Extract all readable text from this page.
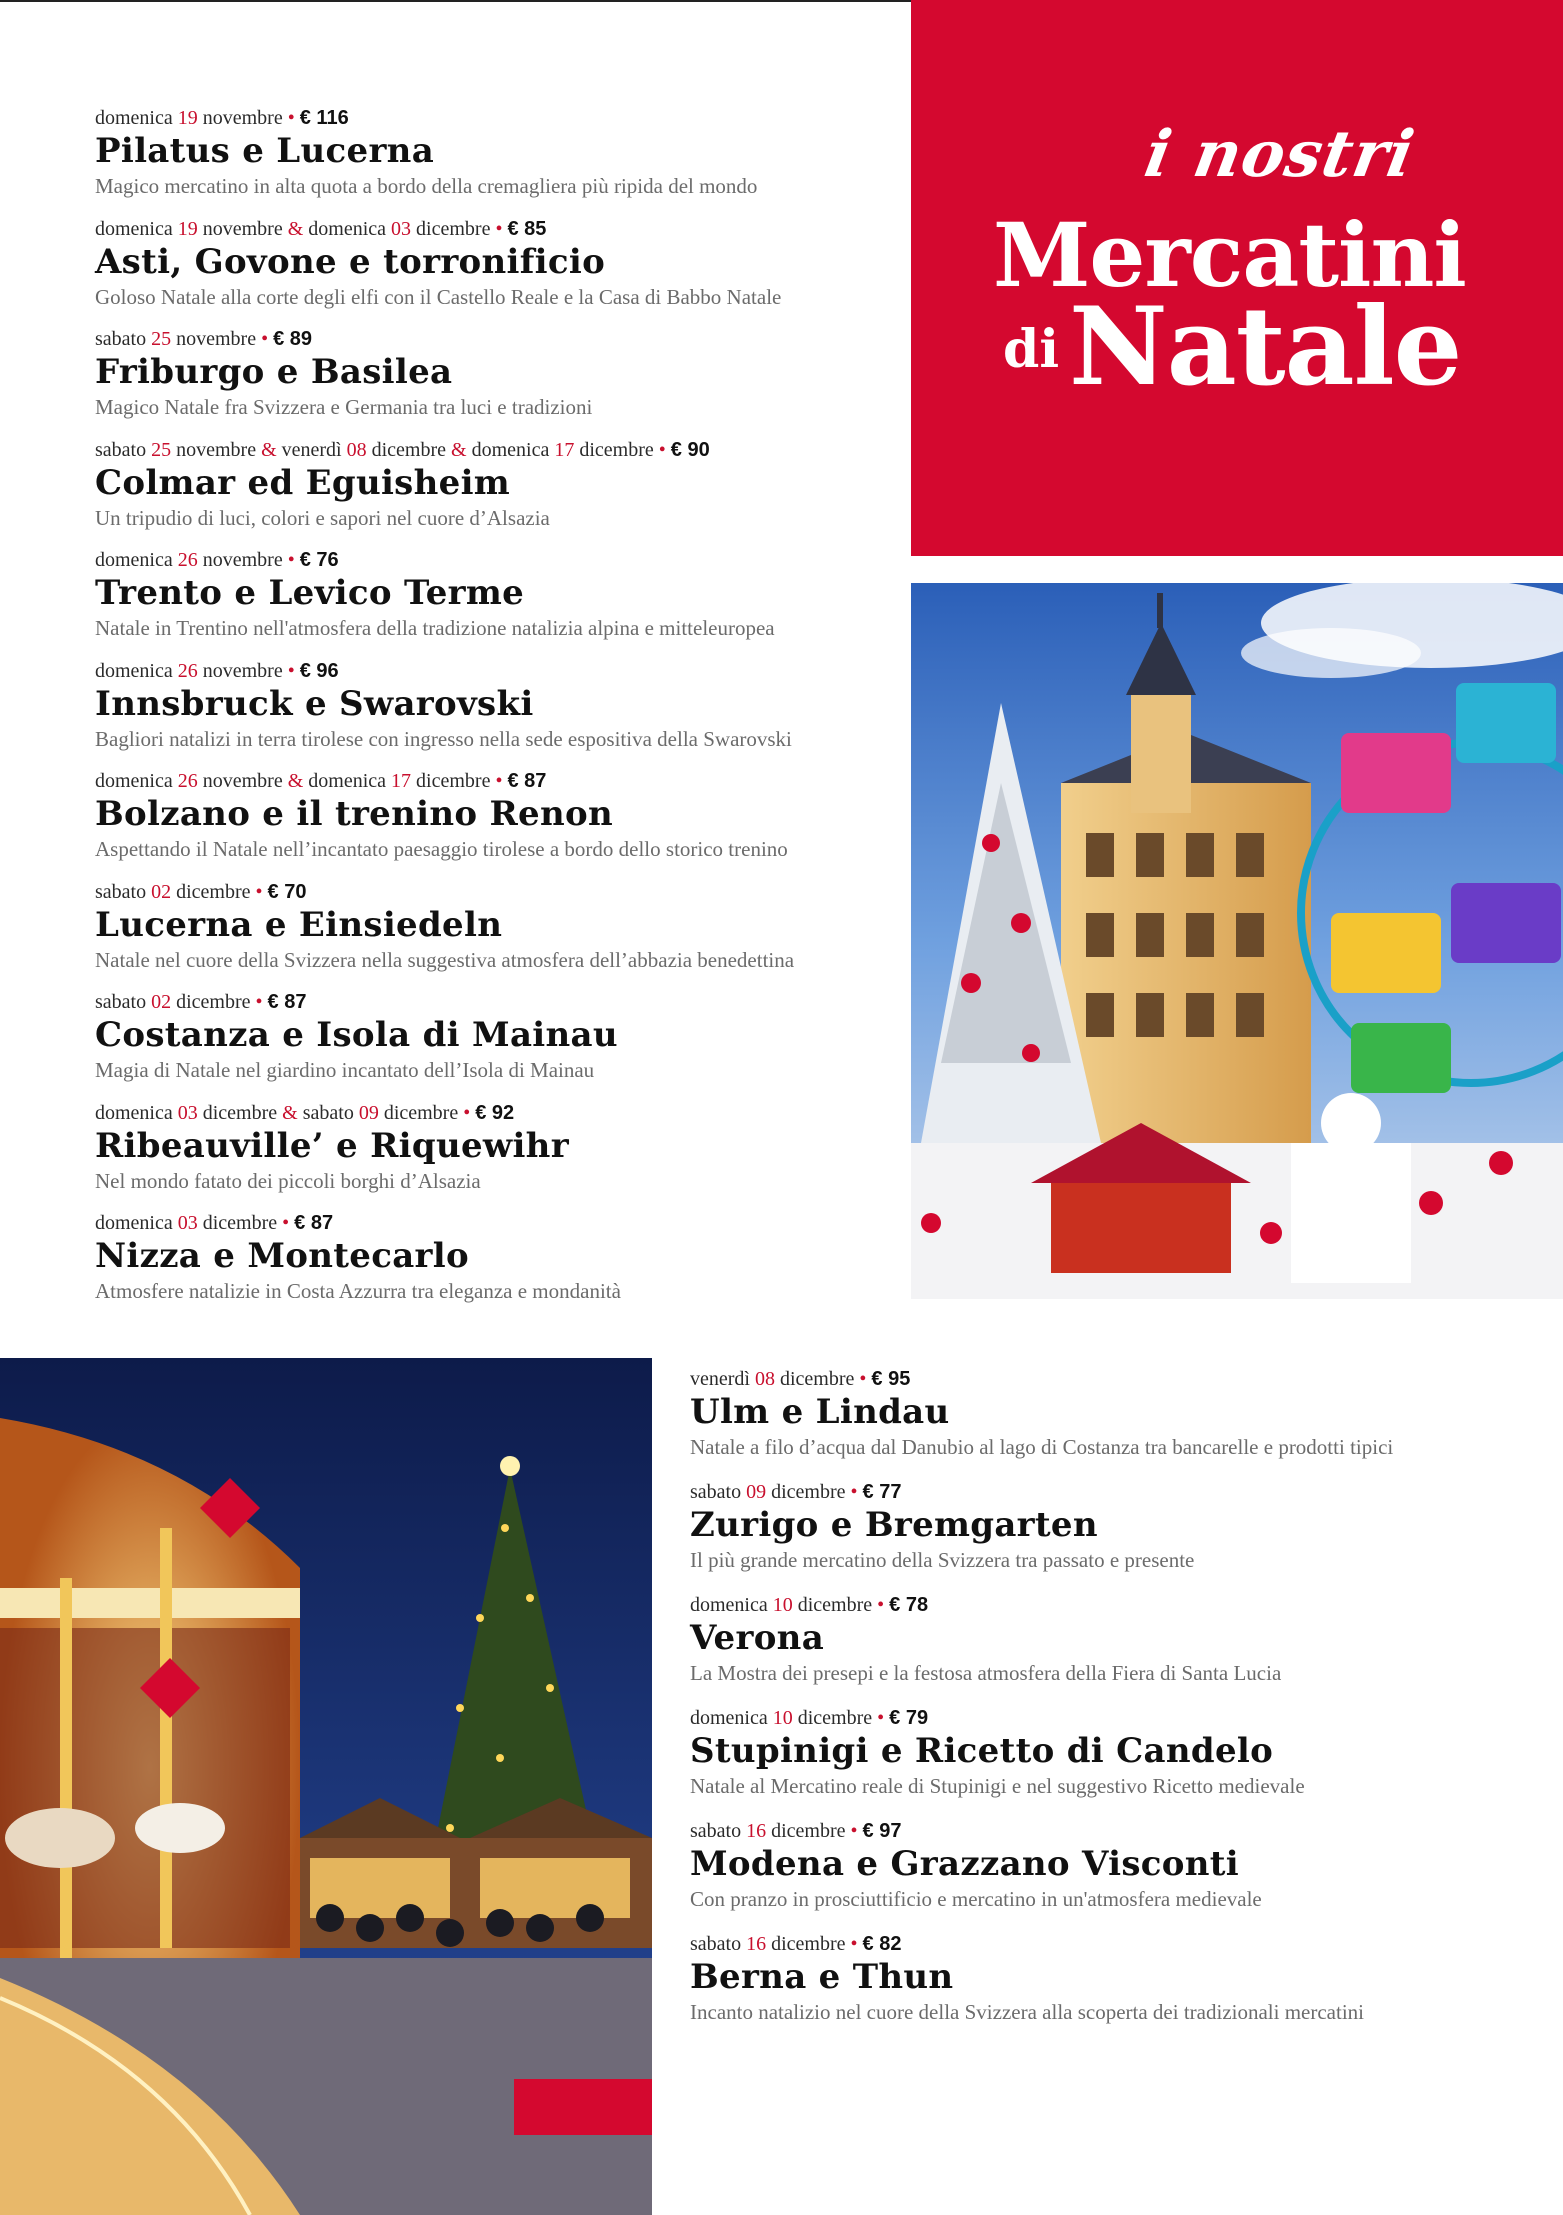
domenica 19 novembre • € 116
Pilatus e Lucerna
Magico mercatino in alta quota a bordo della cremagliera più ripida del mondo
domenica 19 novembre & domenica 03 dicembre • € 85
Asti, Govone e torronificio
Goloso Natale alla corte degli elfi con il Castello Reale e la Casa di Babbo Natale
sabato 25 novembre • € 89
Friburgo e Basilea
Magico Natale fra Svizzera e Germania tra luci e tradizioni
sabato 25 novembre & venerdì 08 dicembre & domenica 17 dicembre • € 90
Colmar ed Eguisheim
Un tripudio di luci, colori e sapori nel cuore d’Alsazia
domenica 26 novembre • € 76
Trento e Levico Terme
Natale in Trentino nell'atmosfera della tradizione natalizia alpina e mitteleuropea
domenica 26 novembre • € 96
Innsbruck e Swarovski
Bagliori natalizi in terra tirolese con ingresso nella sede espositiva della Swarovski
domenica 26 novembre & domenica 17 dicembre • € 87
Bolzano e il trenino Renon
Aspettando il Natale nell’incantato paesaggio tirolese a bordo dello storico trenino
sabato 02 dicembre • € 70
Lucerna e Einsiedeln
Natale nel cuore della Svizzera nella suggestiva atmosfera dell’abbazia benedettina
sabato 02 dicembre • € 87
Costanza e Isola di Mainau
Magia di Natale nel giardino incantato dell’Isola di Mainau
domenica 03 dicembre & sabato 09 dicembre • € 92
Ribeauville’ e Riquewihr
Nel mondo fatato dei piccoli borghi d’Alsazia
domenica 03 dicembre • € 87
Nizza e Montecarlo
Atmosfere natalizie in Costa Azzurra tra eleganza e mondanità
i nostri
Mercatini
di Natale
venerdì 08 dicembre • € 95
Ulm e Lindau
Natale a filo d’acqua dal Danubio al lago di Costanza tra bancarelle e prodotti tipici
sabato 09 dicembre • € 77
Zurigo e Bremgarten
Il più grande mercatino della Svizzera tra passato e presente
domenica 10 dicembre • € 78
Verona
La Mostra dei presepi e la festosa atmosfera della Fiera di Santa Lucia
domenica 10 dicembre • € 79
Stupinigi e Ricetto di Candelo
Natale al Mercatino reale di Stupinigi e nel suggestivo Ricetto medievale
sabato 16 dicembre • € 97
Modena e Grazzano Visconti
Con pranzo in prosciuttificio e mercatino in un'atmosfera medievale
sabato 16 dicembre • € 82
Berna e Thun
Incanto natalizio nel cuore della Svizzera alla scoperta dei tradizionali mercatini
